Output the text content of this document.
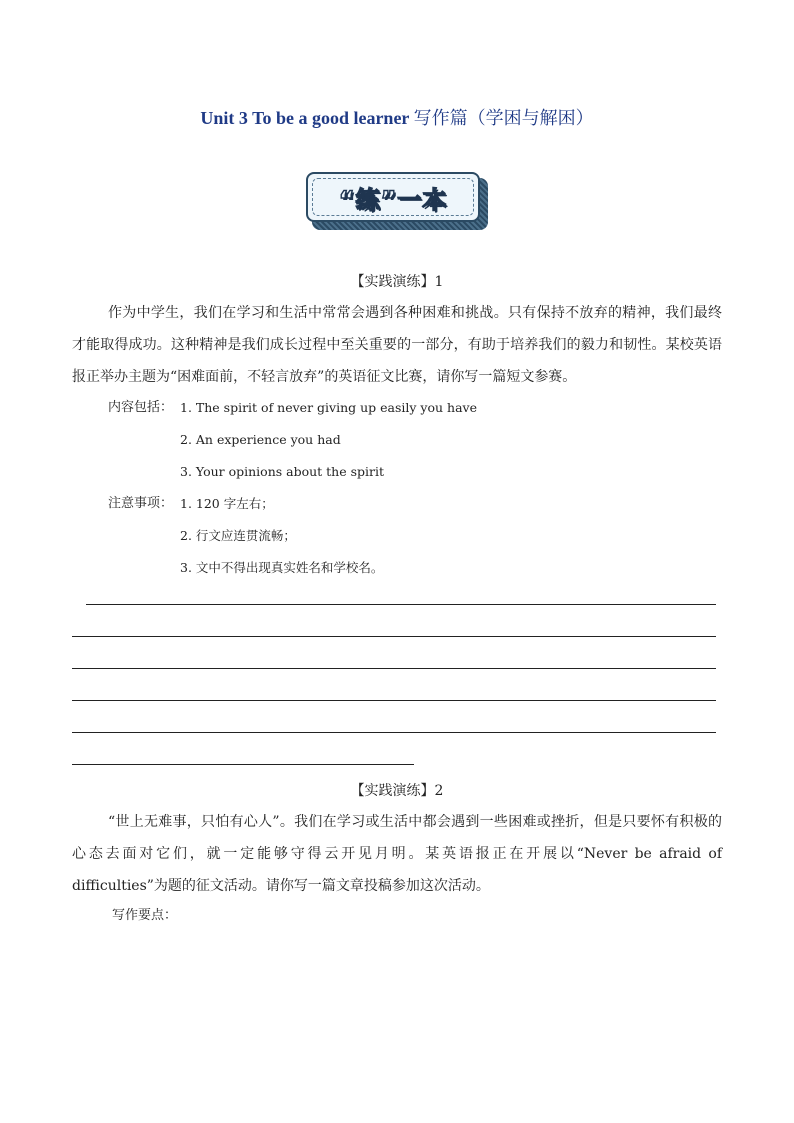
Unit 3 To be a good learner 写作篇（学困与解困）
“练”一本
【实践演练】1

作为中学生，我们在学习和生活中常常会遇到各种困难和挑战。只有保持不放弃的精神，我们最终才能取得成功。这种精神是我们成长过程中至关重要的一部分，有助于培养我们的毅力和韧性。某校英语报正举办主题为“困难面前，不轻言放弃”的英语征文比赛，请你写一篇短文参赛。

内容包括： 1. The spirit of never giving up easily you have
2. An experience you had
3. Your opinions about the spirit
注意事项： 1. 120 字左右；
2. 行文应连贯流畅；
3. 文中不得出现真实姓名和学校名。
【实践演练】2

“世上无难事，只怕有心人”。我们在学习或生活中都会遇到一些困难或挫折，但是只要怀有积极的心态去面对它们，就一定能够守得云开见月明。某英语报正在开展以“Never be afraid of difficulties”为题的征文活动。请你写一篇文章投稿参加这次活动。

写作要点：
